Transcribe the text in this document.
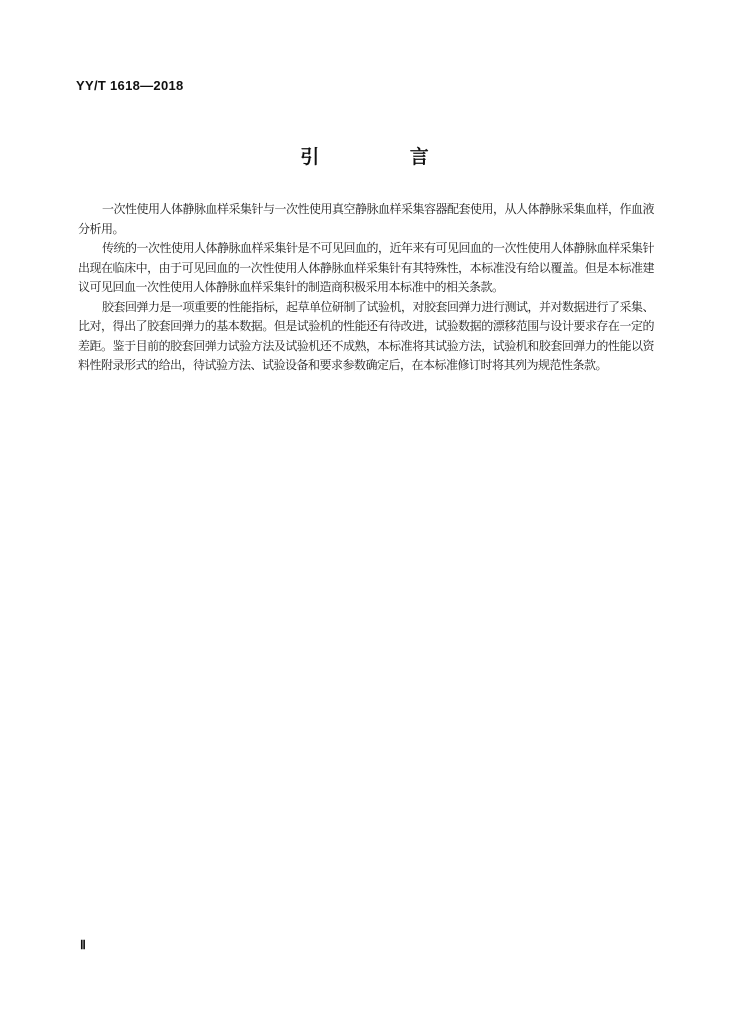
YY/T 1618—2018
引 言

一次性使用人体静脉血样采集针与一次性使用真空静脉血样采集容器配套使用，从人体静脉采集血样，作血液分析用。

传统的一次性使用人体静脉血样采集针是不可见回血的，近年来有可见回血的一次性使用人体静脉血样采集针出现在临床中，由于可见回血的一次性使用人体静脉血样采集针有其特殊性，本标准没有给以覆盖。但是本标准建议可见回血一次性使用人体静脉血样采集针的制造商积极采用本标准中的相关条款。

胶套回弹力是一项重要的性能指标，起草单位研制了试验机，对胶套回弹力进行测试，并对数据进行了采集、比对，得出了胶套回弹力的基本数据。但是试验机的性能还有待改进，试验数据的漂移范围与设计要求存在一定的差距。鉴于目前的胶套回弹力试验方法及试验机还不成熟，本标准将其试验方法，试验机和胶套回弹力的性能以资料性附录形式的给出，待试验方法、试验设备和要求参数确定后，在本标准修订时将其列为规范性条款。

Ⅱ
